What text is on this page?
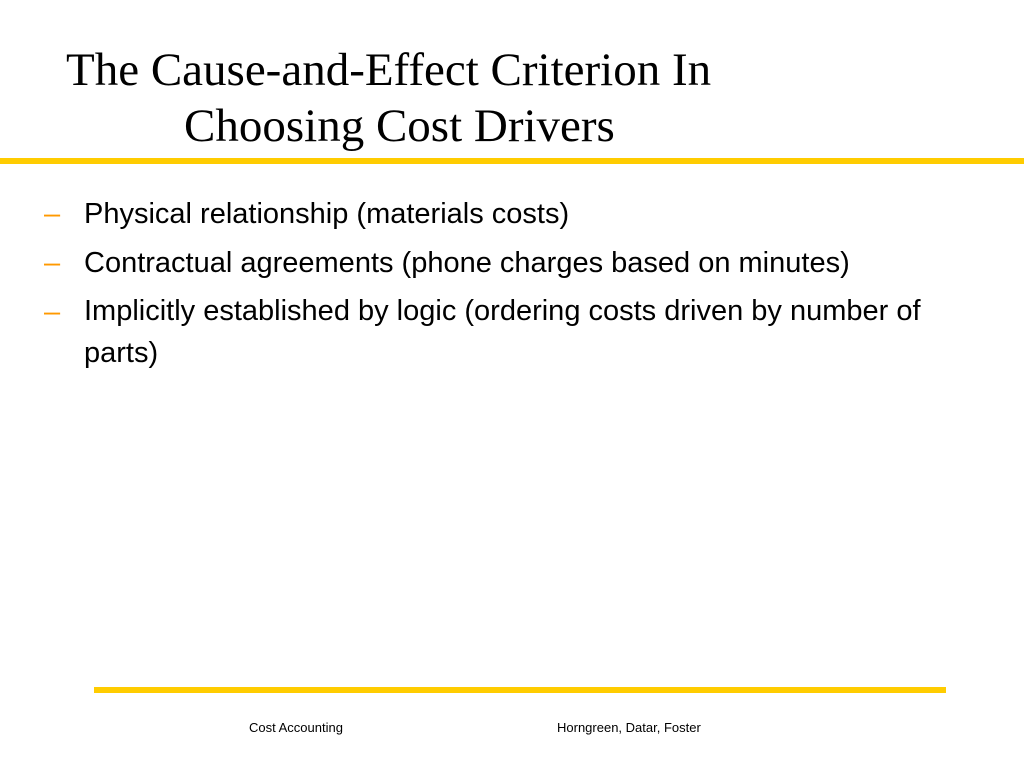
The Cause-and-Effect Criterion In
Choosing Cost Drivers
– Physical relationship (materials costs)
– Contractual agreements (phone charges based on minutes)
– Implicitly established by logic (ordering costs driven by number of parts)
Cost Accounting	Horngreen, Datar, Foster
